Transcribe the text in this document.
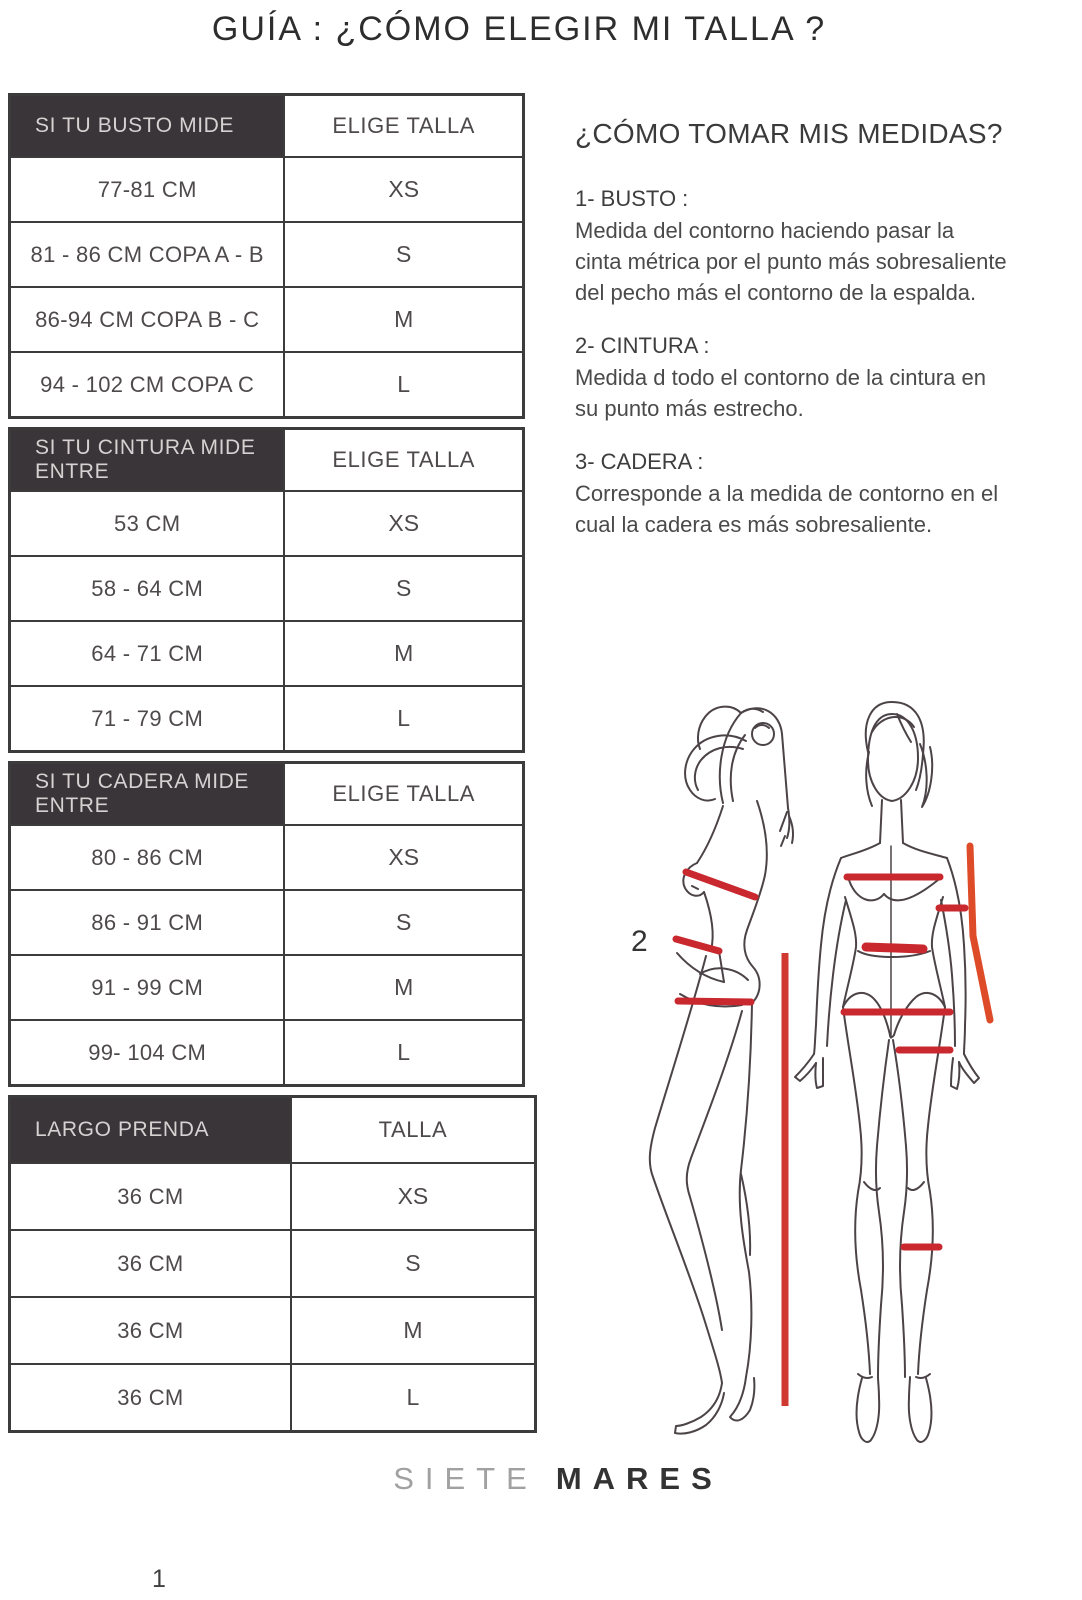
GUÍA : ¿CÓMO ELEGIR MI TALLA ?
SI TU BUSTO MIDE	ELIGE TALLA
77-81 CM	XS
81 - 86 CM COPA A - B	S
86-94 CM COPA B - C	M
94 - 102 CM COPA C	L
SI TU CINTURA MIDE ENTRE	ELIGE TALLA
53 CM	XS
58 - 64 CM	S
64 - 71 CM	M
71 - 79 CM	L
SI TU CADERA MIDE ENTRE	ELIGE TALLA
80 - 86 CM	XS
86 - 91 CM	S
91 - 99 CM	M
99- 104 CM	L
LARGO PRENDA	TALLA
36 CM	XS
36 CM	S
36 CM	M
36 CM	L
¿CÓMO TOMAR MIS MEDIDAS?
1- BUSTO :
Medida del contorno haciendo pasar la
cinta métrica por el punto más sobresaliente
del pecho más el contorno de la espalda.
2- CINTURA :
Medida d todo el contorno de la cintura en
su punto más estrecho.
3- CADERA :
Corresponde a la medida de contorno en el
cual la cadera es más sobresaliente.
2
SIETE MARES
1
